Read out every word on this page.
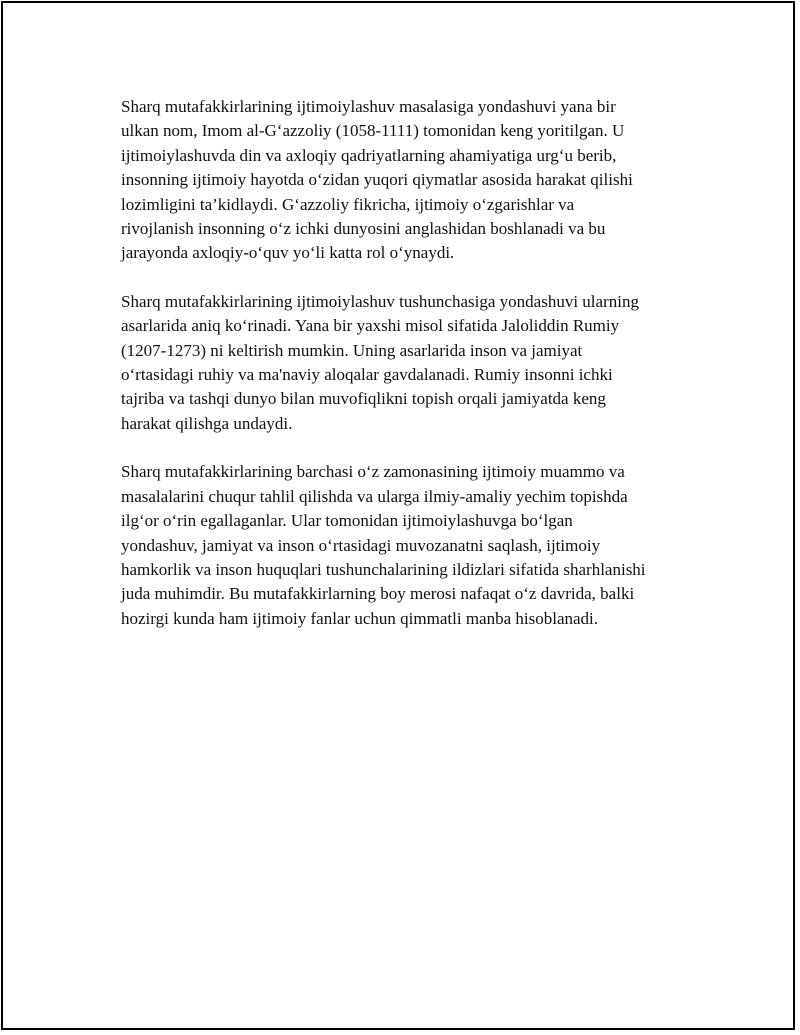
Sharq mutafakkirlarining ijtimoiylashuv masalasiga yondashuvi yana bir
ulkan nom, Imom al-G‘azzoliy (1058-1111) tomonidan keng yoritilgan. U
ijtimoiylashuvda din va axloqiy qadriyatlarning ahamiyatiga urg‘u berib,
insonning ijtimoiy hayotda o‘zidan yuqori qiymatlar asosida harakat qilishi
lozimligini ta’kidlaydi. G‘azzoliy fikricha, ijtimoiy o‘zgarishlar va
rivojlanish insonning o‘z ichki dunyosini anglashidan boshlanadi va bu
jarayonda axloqiy-o‘quv yo‘li katta rol o‘ynaydi.

Sharq mutafakkirlarining ijtimoiylashuv tushunchasiga yondashuvi ularning
asarlarida aniq ko‘rinadi. Yana bir yaxshi misol sifatida Jaloliddin Rumiy
(1207-1273) ni keltirish mumkin. Uning asarlarida inson va jamiyat
o‘rtasidagi ruhiy va ma'naviy aloqalar gavdalanadi. Rumiy insonni ichki
tajriba va tashqi dunyo bilan muvofiqlikni topish orqali jamiyatda keng
harakat qilishga undaydi.

Sharq mutafakkirlarining barchasi o‘z zamonasining ijtimoiy muammo va
masalalarini chuqur tahlil qilishda va ularga ilmiy-amaliy yechim topishda
ilg‘or o‘rin egallaganlar. Ular tomonidan ijtimoiylashuvga bo‘lgan
yondashuv, jamiyat va inson o‘rtasidagi muvozanatni saqlash, ijtimoiy
hamkorlik va inson huquqlari tushunchalarining ildizlari sifatida sharhlanishi
juda muhimdir. Bu mutafakkirlarning boy merosi nafaqat o‘z davrida, balki
hozirgi kunda ham ijtimoiy fanlar uchun qimmatli manba hisoblanadi.
